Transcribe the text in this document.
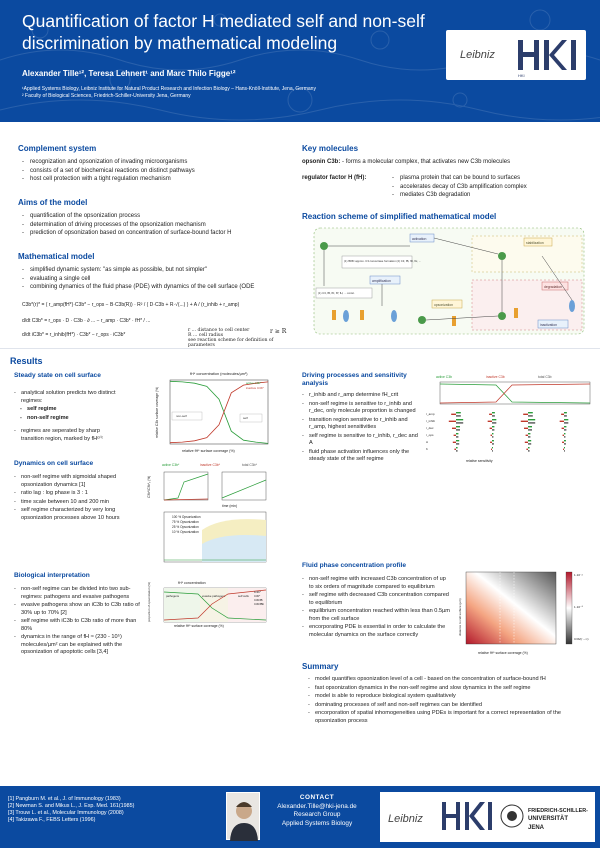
Quantification of factor H mediated self and non-self discrimination by mathematical modeling
Alexander Tille¹², Teresa Lehnert¹ and Marc Thilo Figge¹²
¹Applied Systems Biology, Leibniz Institute for Natural Product Research and Infection Biology – Hans-Knöll-Institute, Jena, Germany
² Faculty of Biological Sciences, Friedrich-Schiller-University Jena, Germany
Leibniz
HKI
Complement system
- recognization and opsonization of invading microorganisms
- consists of a set of biochemical reactions on distinct pathways
- host cell protection with a tight regulation mechanism
Aims of the model
- quantification of the opsonization process
- determination of driving processes of the opsonization mechanism
- prediction of opsonization based on concentration of surface-bound factor H
Mathematical model
- simplified dynamic system: "as simple as possible, but not simpler"
- evaluating a single cell
- combining dynamics of the fluid phase (PDE) with dynamics of the cell surface (ODE
C3b*(r)* = ( r_amp(fH*)·C3b* − r_ops − B·C3b(R)) · R² / ( D·C3b + R·√(...) ) + A / (r_inhib + r_amp)
d/dt C3b* = r_ops · D · C3b · ∂ ... − r_amp · C3b* · fH* / ...
d/dt iC3b* = r_inhib(fH*) · C3b* − r_ops · iC3b*
r ... distance to cell center
R ... cell radius
see reaction scheme for definition of parameters
r ≥ R
Key molecules
opsonin C3b: - forms a molecular complex, that activates new C3b molecules
regulator factor H (fH):
-	plasma protein that can be bound to surfaces
- accelerates decay of C3b amplification complex
- mediates C3b degradation
Reaction scheme of simplified mathematical model
activation
stabilization
degradation
amplification
opsonization
inactivation
(1) fB/fD approx. C3 convertase formation (2) C3, fB, fD, fH, ...
(1) C3, fB, fD, fP, fH, ... const.
Results
Steady state on cell surface
- analytical solution predicts two distinct regimes:
- self regime
- non-self regime
- regimes are seperated by sharp transition region, marked by fHᶜʳⁱᵗ
fH* concentration (molecules/µm²)
non-self	self
active C3b*
inactive C3b*
relative fH* surface coverage (%)
relative C3b surface coverage (%)
Dynamics on cell surface
- non-self regime with sigmoidal shaped opsonization dynamics [1]
- ratio lag : log phase is 3 : 1
- time scale between 10 and 200 min
- self regime characterized by very long opsonization processes above 10 hours
active C3b*	inactive C3b*	total C3b*
time (min)
C3b*/C3b*₀ (%)
100 % Opsonization
75 % Opsonization
25 % Opsonization
10 % Opsonization
fH* concentration
pathogens	evasive pathogens	self cells
iC3b*
C3b*
C3b/fB
C3b/fBb
relative fH* surface coverage (%)
proportion of opsonization (%)
Biological interpretation
- non-self regime can be divided into two sub-regimes: pathogens and evasive pathogens
- evasive pathogens show an iC3b to C3b ratio of 30% up to 70% [2]
- self regime with iC3b to C3b ratio of more than 80%
- dynamics in the range of fH ≈ (230 - 10⁵) molecules/µm² can be explained with the opsonization of apoptotic cells [3,4]
Driving processes and sensitivity analysis
- r_inhib and r_amp determine fH_crit
- non-self regime is sensitive to r_inhib and r_dec, only molecule proportion is changed
- transition region sensitive to r_inhib and r_amp, highest sensitivities
- self regime is sensitive to r_inhib, r_dec and A
- fluid phase activation influences only the steady state of the self regime
active C3b	inactive C3b	total C3b
r_amp
r_inhib
r_dec
r_ops
A
δ
relative sensitivity
Fluid phase concentration profile
- non-self regime with increased C3b concentration of up to six orders of magnitude compared to equilibrium
- self regime with decreased C3b concentration compared to equilibrium
- equilibrium concentration reached within less than 0.5µm from the cell surface
- encorporating PDE is essential in order to calculate the molecular dynamics on the surface correctly
1·10⁻²
1·10⁻⁸
C3b/(r→∞)
relative fH* surface coverage (%)
distance to cell surface (µm)
Summary
- model quantifies opsonization level of a cell - based on the concentration of surface-bound fH
- fast opsonization dynamics in the non-self regime and slow dynamics in the self regime
- model is able to reproduce biological system qualitatively
- dominating processes of self and non-self regimes can be identified
- encorporation of spatial inhomogeneities using PDEs is important for a correct representation of the opsonization process
[1] Pangburn M. et al., J. of Immunology (1983)
[2] Newman S. and Mikus L., J. Exp. Med. 161(1985)
[3] Trouw L. et al., Molecular Immunology (2008)
[4] Takizawa F., FEBS Letters (1996)
CONTACT
Alexander.Tille@hki-jena.de
Research Group
Applied Systems Biology	Leibniz
FRIEDRICH-SCHILLER-
UNIVERSITÄT
JENA
